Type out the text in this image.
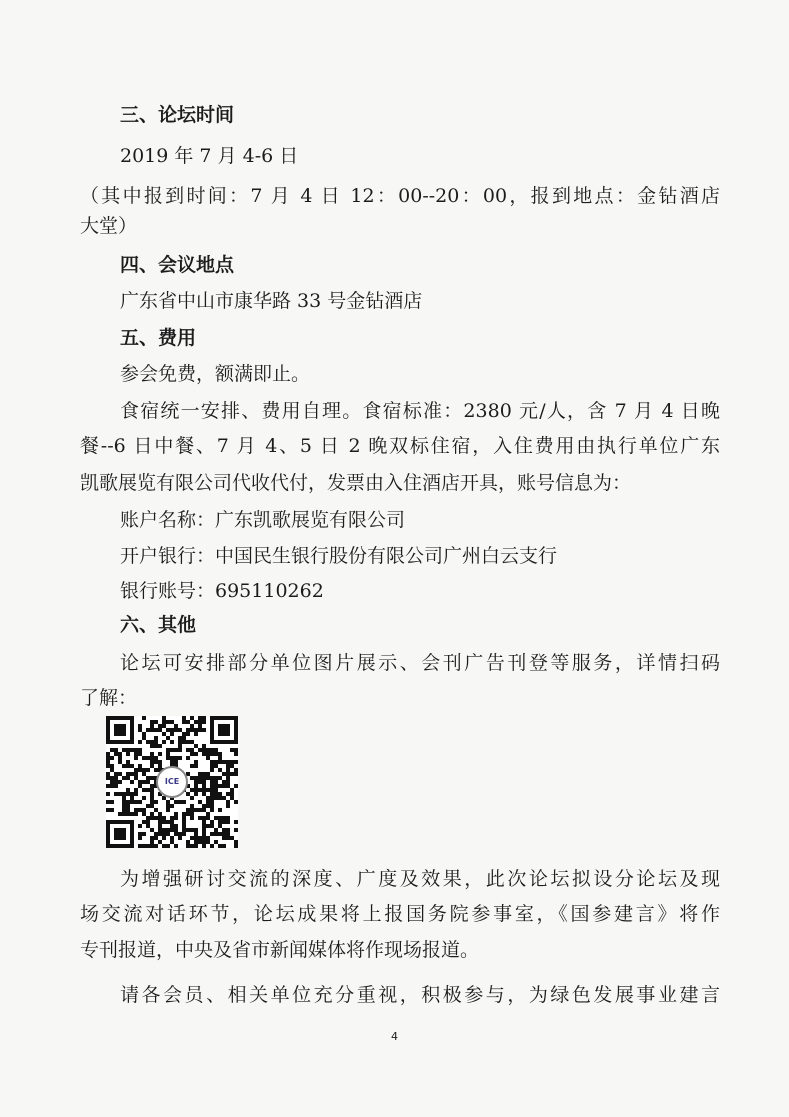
三、论坛时间
2019 年 7 月 4-6 日
（其中报到时间：7 月 4 日 12：00--20：00，报到地点：金钻酒店
大堂）
四、会议地点
广东省中山市康华路 33 号金钻酒店
五、费用
参会免费，额满即止。
食宿统一安排、费用自理。食宿标准：2380 元/人，含 7 月 4 日晚
餐--6 日中餐、7 月 4、5 日 2 晚双标住宿，入住费用由执行单位广东
凯歌展览有限公司代收代付，发票由入住酒店开具，账号信息为：
账户名称：广东凯歌展览有限公司
开户银行：中国民生银行股份有限公司广州白云支行
银行账号：695110262
六、其他
论坛可安排部分单位图片展示、会刊广告刊登等服务，详情扫码
了解：
ICE
为增强研讨交流的深度、广度及效果，此次论坛拟设分论坛及现
场交流对话环节，论坛成果将上报国务院参事室，《国参建言》将作
专刊报道，中央及省市新闻媒体将作现场报道。
请各会员、相关单位充分重视，积极参与，为绿色发展事业建言
4
